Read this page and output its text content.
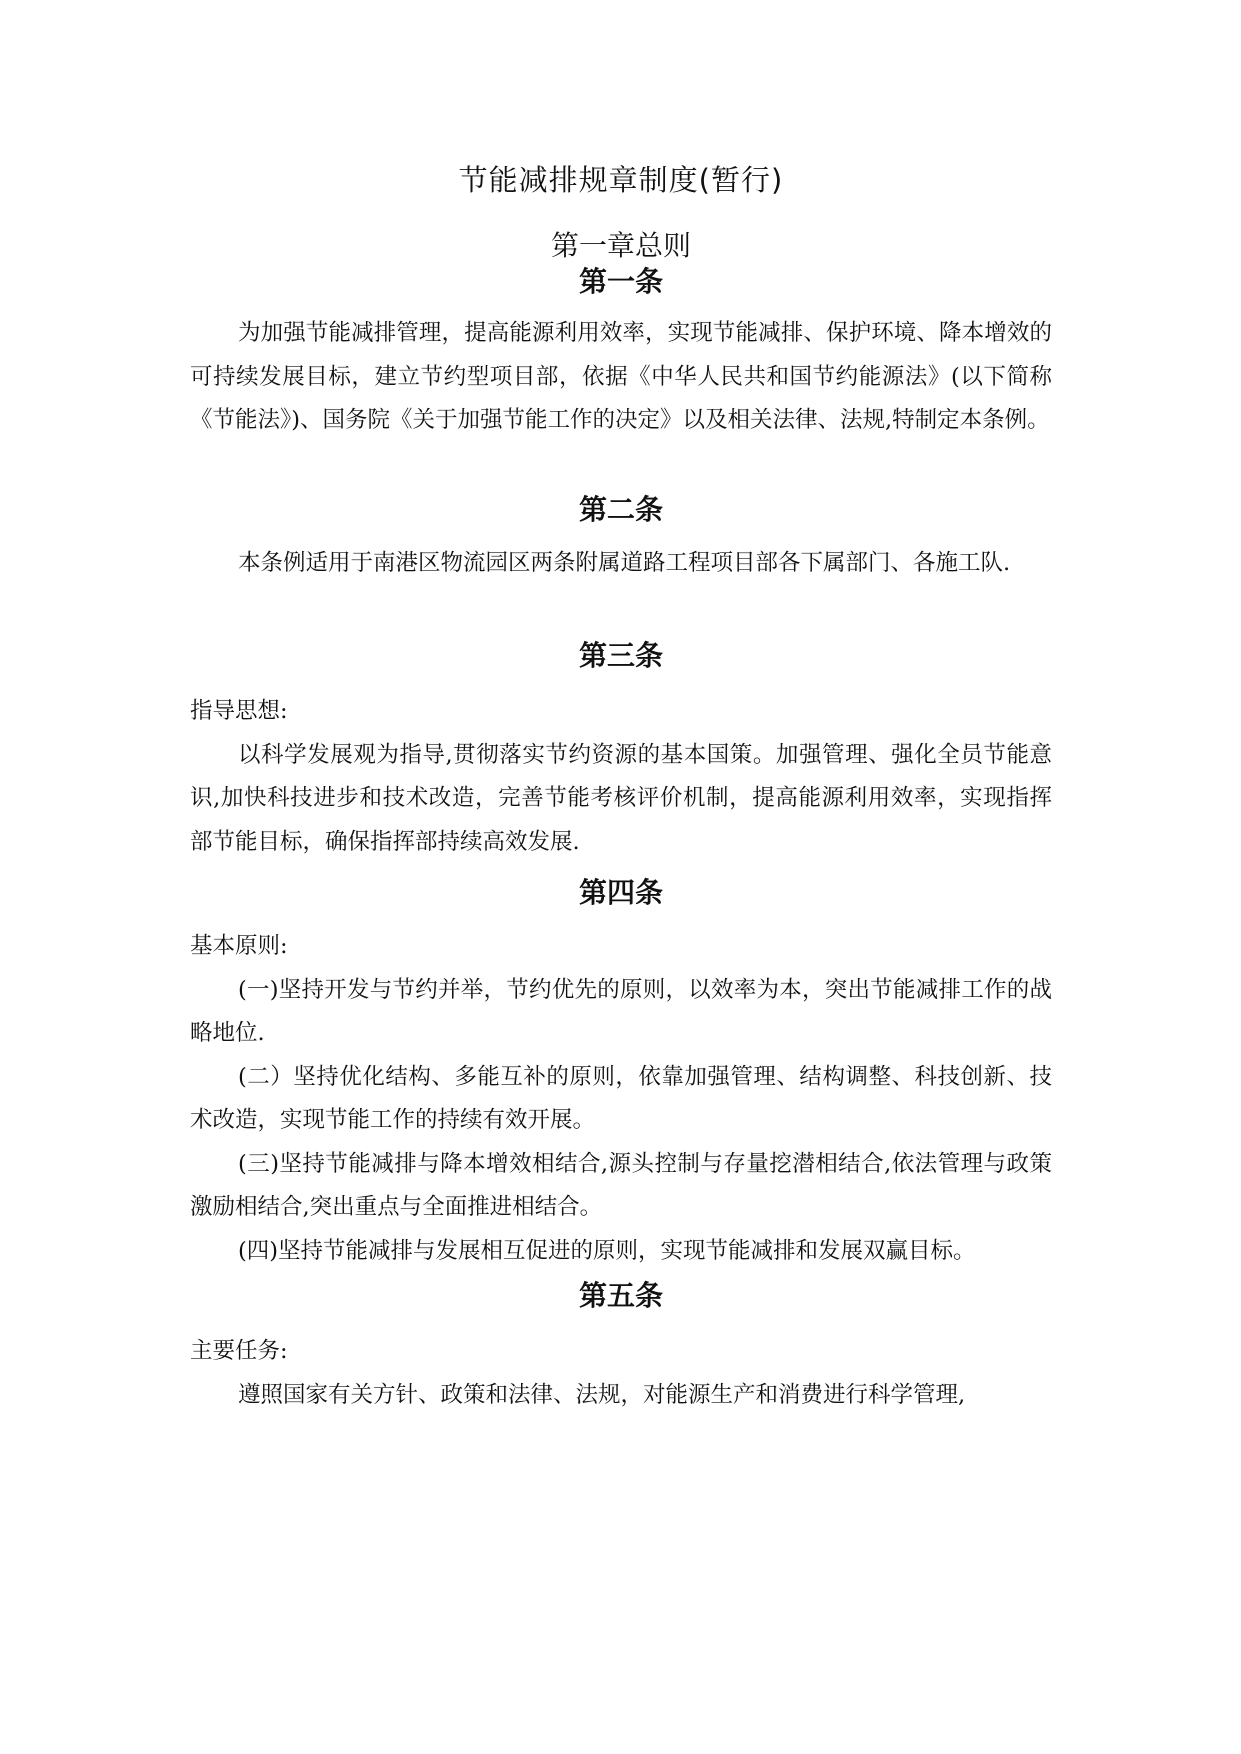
节能减排规章制度(暂行)
第一章总则
第一条

为加强节能减排管理，提高能源利用效率，实现节能减排、保护环境、降本增效的可持续发展目标，建立节约型项目部，依据《中华人民共和国节约能源法》(以下简称《节能法》)、国务院《关于加强节能工作的决定》以及相关法律、法规,特制定本条例。

第二条

本条例适用于南港区物流园区两条附属道路工程项目部各下属部门、各施工队.

第三条

指导思想:

以科学发展观为指导,贯彻落实节约资源的基本国策。加强管理、强化全员节能意识,加快科技进步和技术改造，完善节能考核评价机制，提高能源利用效率，实现指挥部节能目标，确保指挥部持续高效发展.

第四条

基本原则:

(一)坚持开发与节约并举，节约优先的原则，以效率为本，突出节能减排工作的战略地位.

(二）坚持优化结构、多能互补的原则，依靠加强管理、结构调整、科技创新、技术改造，实现节能工作的持续有效开展。

(三)坚持节能减排与降本增效相结合,源头控制与存量挖潜相结合,依法管理与政策激励相结合,突出重点与全面推进相结合。

(四)坚持节能减排与发展相互促进的原则，实现节能减排和发展双赢目标。

第五条

主要任务:

遵照国家有关方针、政策和法律、法规，对能源生产和消费进行科学管理,
